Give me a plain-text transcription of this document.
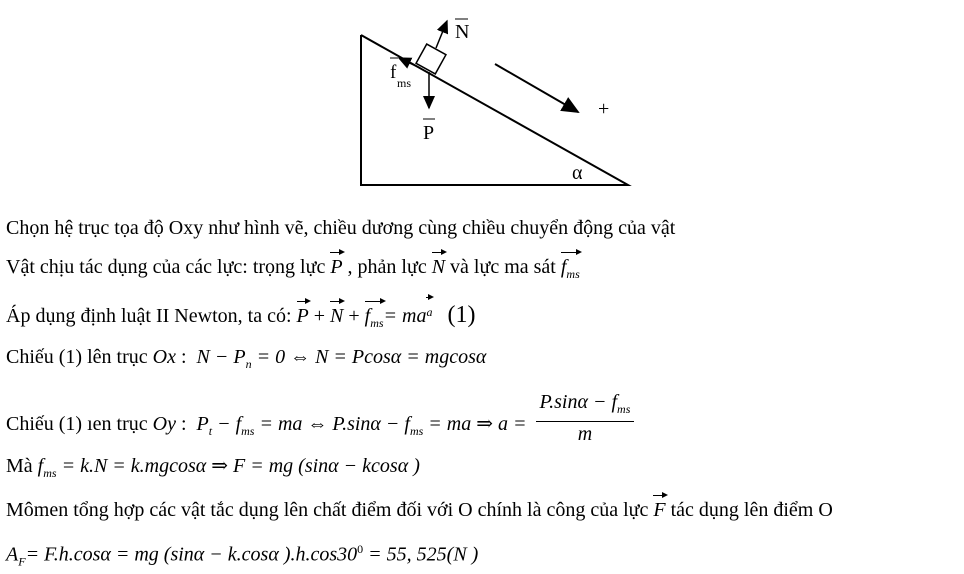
N
f ms
P
+
α
Chọn hệ trục tọa độ Oxy như hình vẽ, chiều dương cùng chiều chuyển động của vật
Vật chịu tác dụng của các lực: trọng lực P , phản lực N và lực ma sát $f_{ms}$
Áp dụng định luật II Newton, ta có: $P + N + f_{ms}=$ maa (1)
Chiếu (1) lên trục Ox :  $N - P_n = 0$ ⇔ N = Pcosα = mgcosα
Chiếu (1) ıen trục Oy :  $P_t - f_{ms}$ = ma ⇔ $P.\sin\alpha - f_{ms}$ = ma ⇒ $a = \frac{P.\sin\alpha - f_{ms}}{m}$
Mà $f_{ms} = k.N = k.mgcos\alpha$ ⇒ F = mg (sinα − kcosα )
Mômen tổng hợp các vật tắc dụng lên chất điểm đối với O chính là công của lực F tác dụng lên điểm O
$A_F= F.h.\cos\alpha$ = mg (sinα − k.cosα )$.h.\cos 30^0 = 55$, 525(N )
